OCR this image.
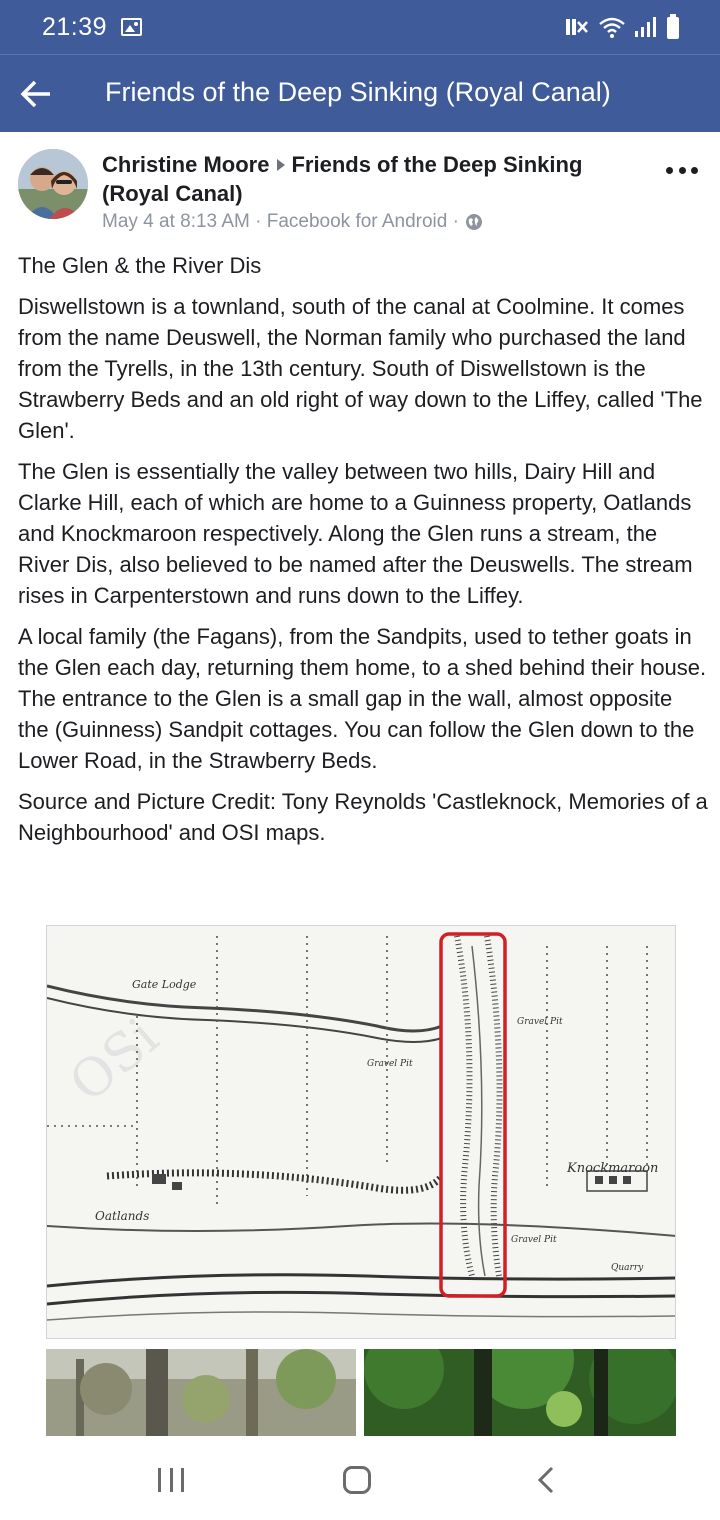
21:39
Friends of the Deep Sinking (Royal Canal)
Christine Moore Friends of the Deep Sinking (Royal Canal)
May 4 at 8:13 AM · Facebook for Android ·

The Glen & the River Dis

Diswellstown is a townland, south of the canal at Coolmine. It comes from the name Deuswell, the Norman family who purchased the land from the Tyrells, in the 13th century. South of Diswellstown is the Strawberry Beds and an old right of way down to the Liffey, called 'The Glen'.

The Glen is essentially the valley between two hills, Dairy Hill and Clarke Hill, each of which are home to a Guinness property, Oatlands and Knockmaroon respectively. Along the Glen runs a stream, the River Dis, also believed to be named after the Deuswells. The stream rises in Carpenterstown and runs down to the Liffey.

A local family (the Fagans), from the Sandpits, used to tether goats in the Glen each day, returning them home, to a shed behind their house. The entrance to the Glen is a small gap in the wall, almost opposite the (Guinness) Sandpit cottages. You can follow the Glen down to the Lower Road, in the Strawberry Beds.

Source and Picture Credit: Tony Reynolds 'Castleknock, Memories of a Neighbourhood' and OSI maps.

OSi
Gate Lodge
Gravel Pit
Gravel Pit
Gravel Pit
Knockmaroon
Oatlands
Quarry
